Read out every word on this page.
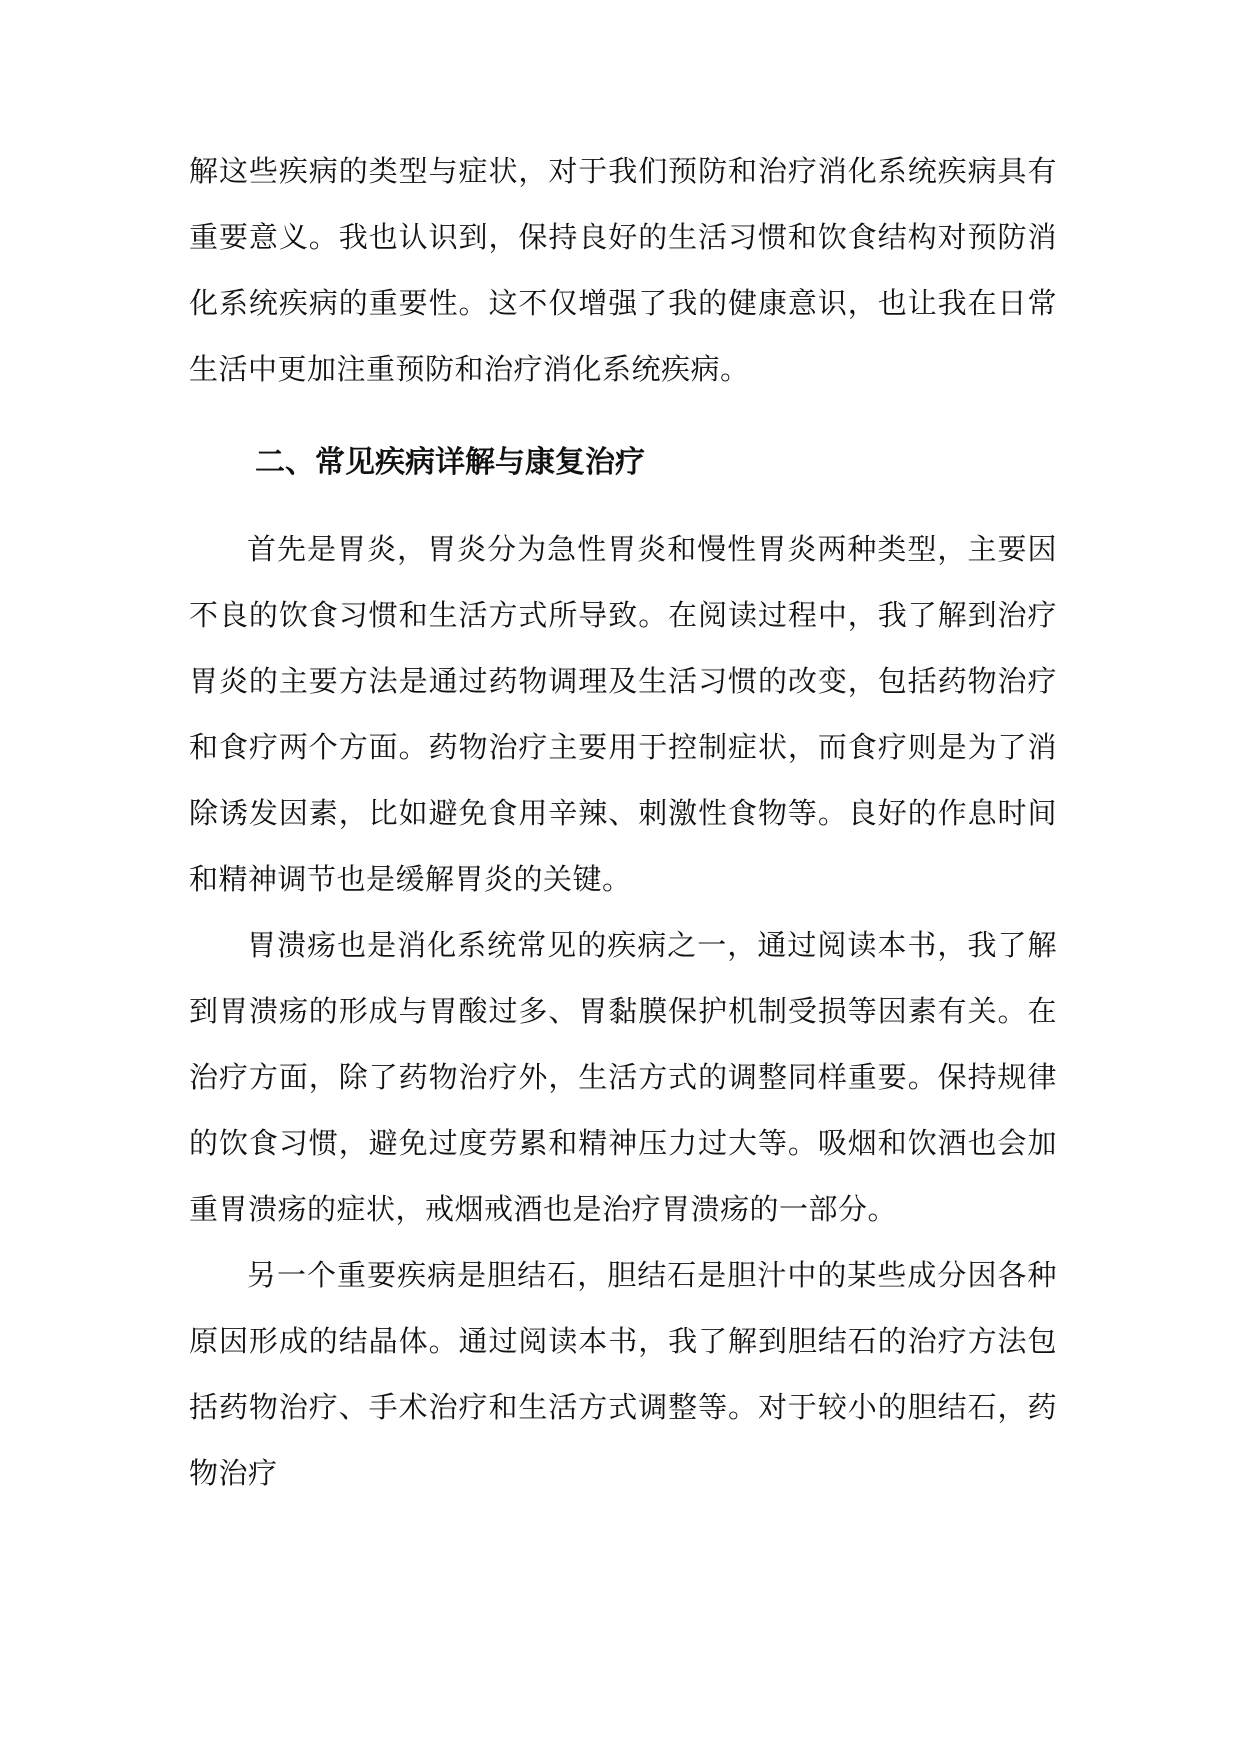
解这些疾病的类型与症状，对于我们预防和治疗消化系统疾病具有重要意义。我也认识到，保持良好的生活习惯和饮食结构对预防消化系统疾病的重要性。这不仅增强了我的健康意识，也让我在日常生活中更加注重预防和治疗消化系统疾病。

二、常见疾病详解与康复治疗

首先是胃炎，胃炎分为急性胃炎和慢性胃炎两种类型，主要因不良的饮食习惯和生活方式所导致。在阅读过程中，我了解到治疗胃炎的主要方法是通过药物调理及生活习惯的改变，包括药物治疗和食疗两个方面。药物治疗主要用于控制症状，而食疗则是为了消除诱发因素，比如避免食用辛辣、刺激性食物等。良好的作息时间和精神调节也是缓解胃炎的关键。

胃溃疡也是消化系统常见的疾病之一，通过阅读本书，我了解到胃溃疡的形成与胃酸过多、胃黏膜保护机制受损等因素有关。在治疗方面，除了药物治疗外，生活方式的调整同样重要。保持规律的饮食习惯，避免过度劳累和精神压力过大等。吸烟和饮酒也会加重胃溃疡的症状，戒烟戒酒也是治疗胃溃疡的一部分。

另一个重要疾病是胆结石，胆结石是胆汁中的某些成分因各种原因形成的结晶体。通过阅读本书，我了解到胆结石的治疗方法包括药物治疗、手术治疗和生活方式调整等。对于较小的胆结石，药物治疗
